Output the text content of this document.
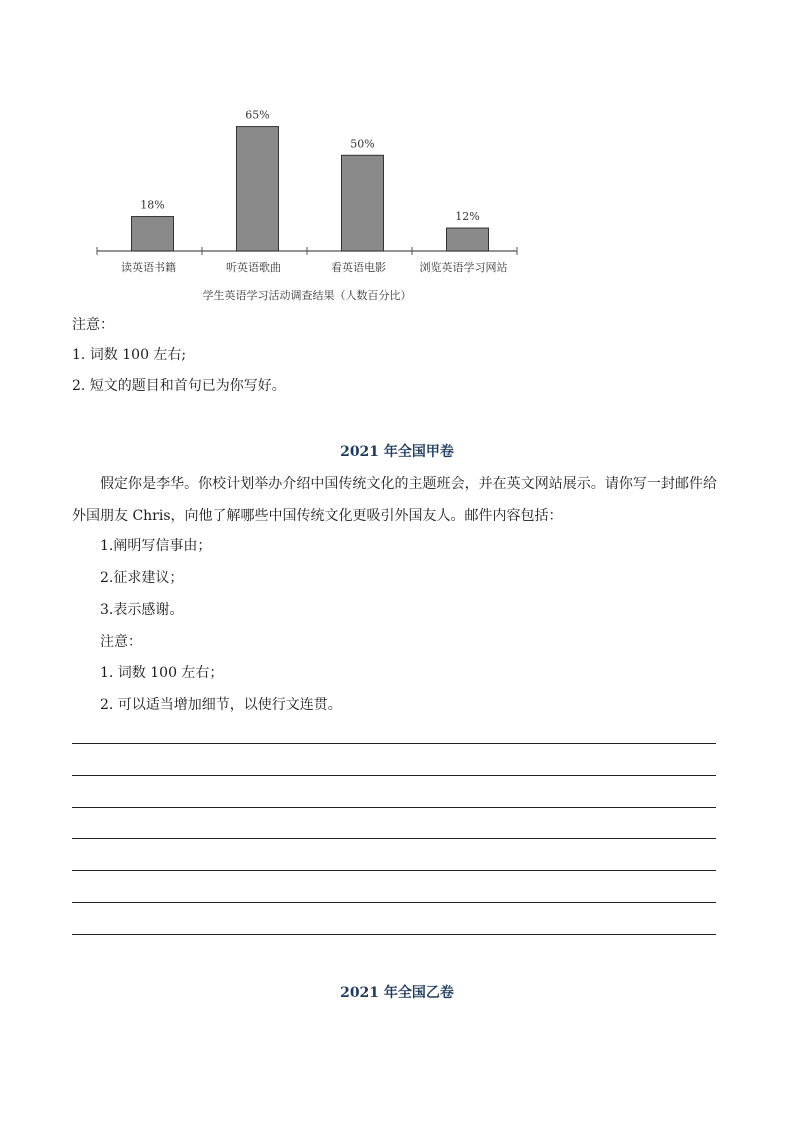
18%
读英语书籍
65%
听英语歌曲
50%
看英语电影
12%
浏览英语学习网站
学生英语学习活动调查结果（人数百分比）

注意：

1. 词数 100 左右;

2. 短文的题目和首句已为你写好。

2021 年全国甲卷

假定你是李华。你校计划举办介绍中国传统文化的主题班会，并在英文网站展示。请你写一封邮件给外国朋友 Chris，向他了解哪些中国传统文化更吸引外国友人。邮件内容包括：

1.阐明写信事由；

2.征求建议；

3.表示感谢。

注意：

1. 词数 100 左右；

2. 可以适当增加细节，以使行文连贯。

2021 年全国乙卷
